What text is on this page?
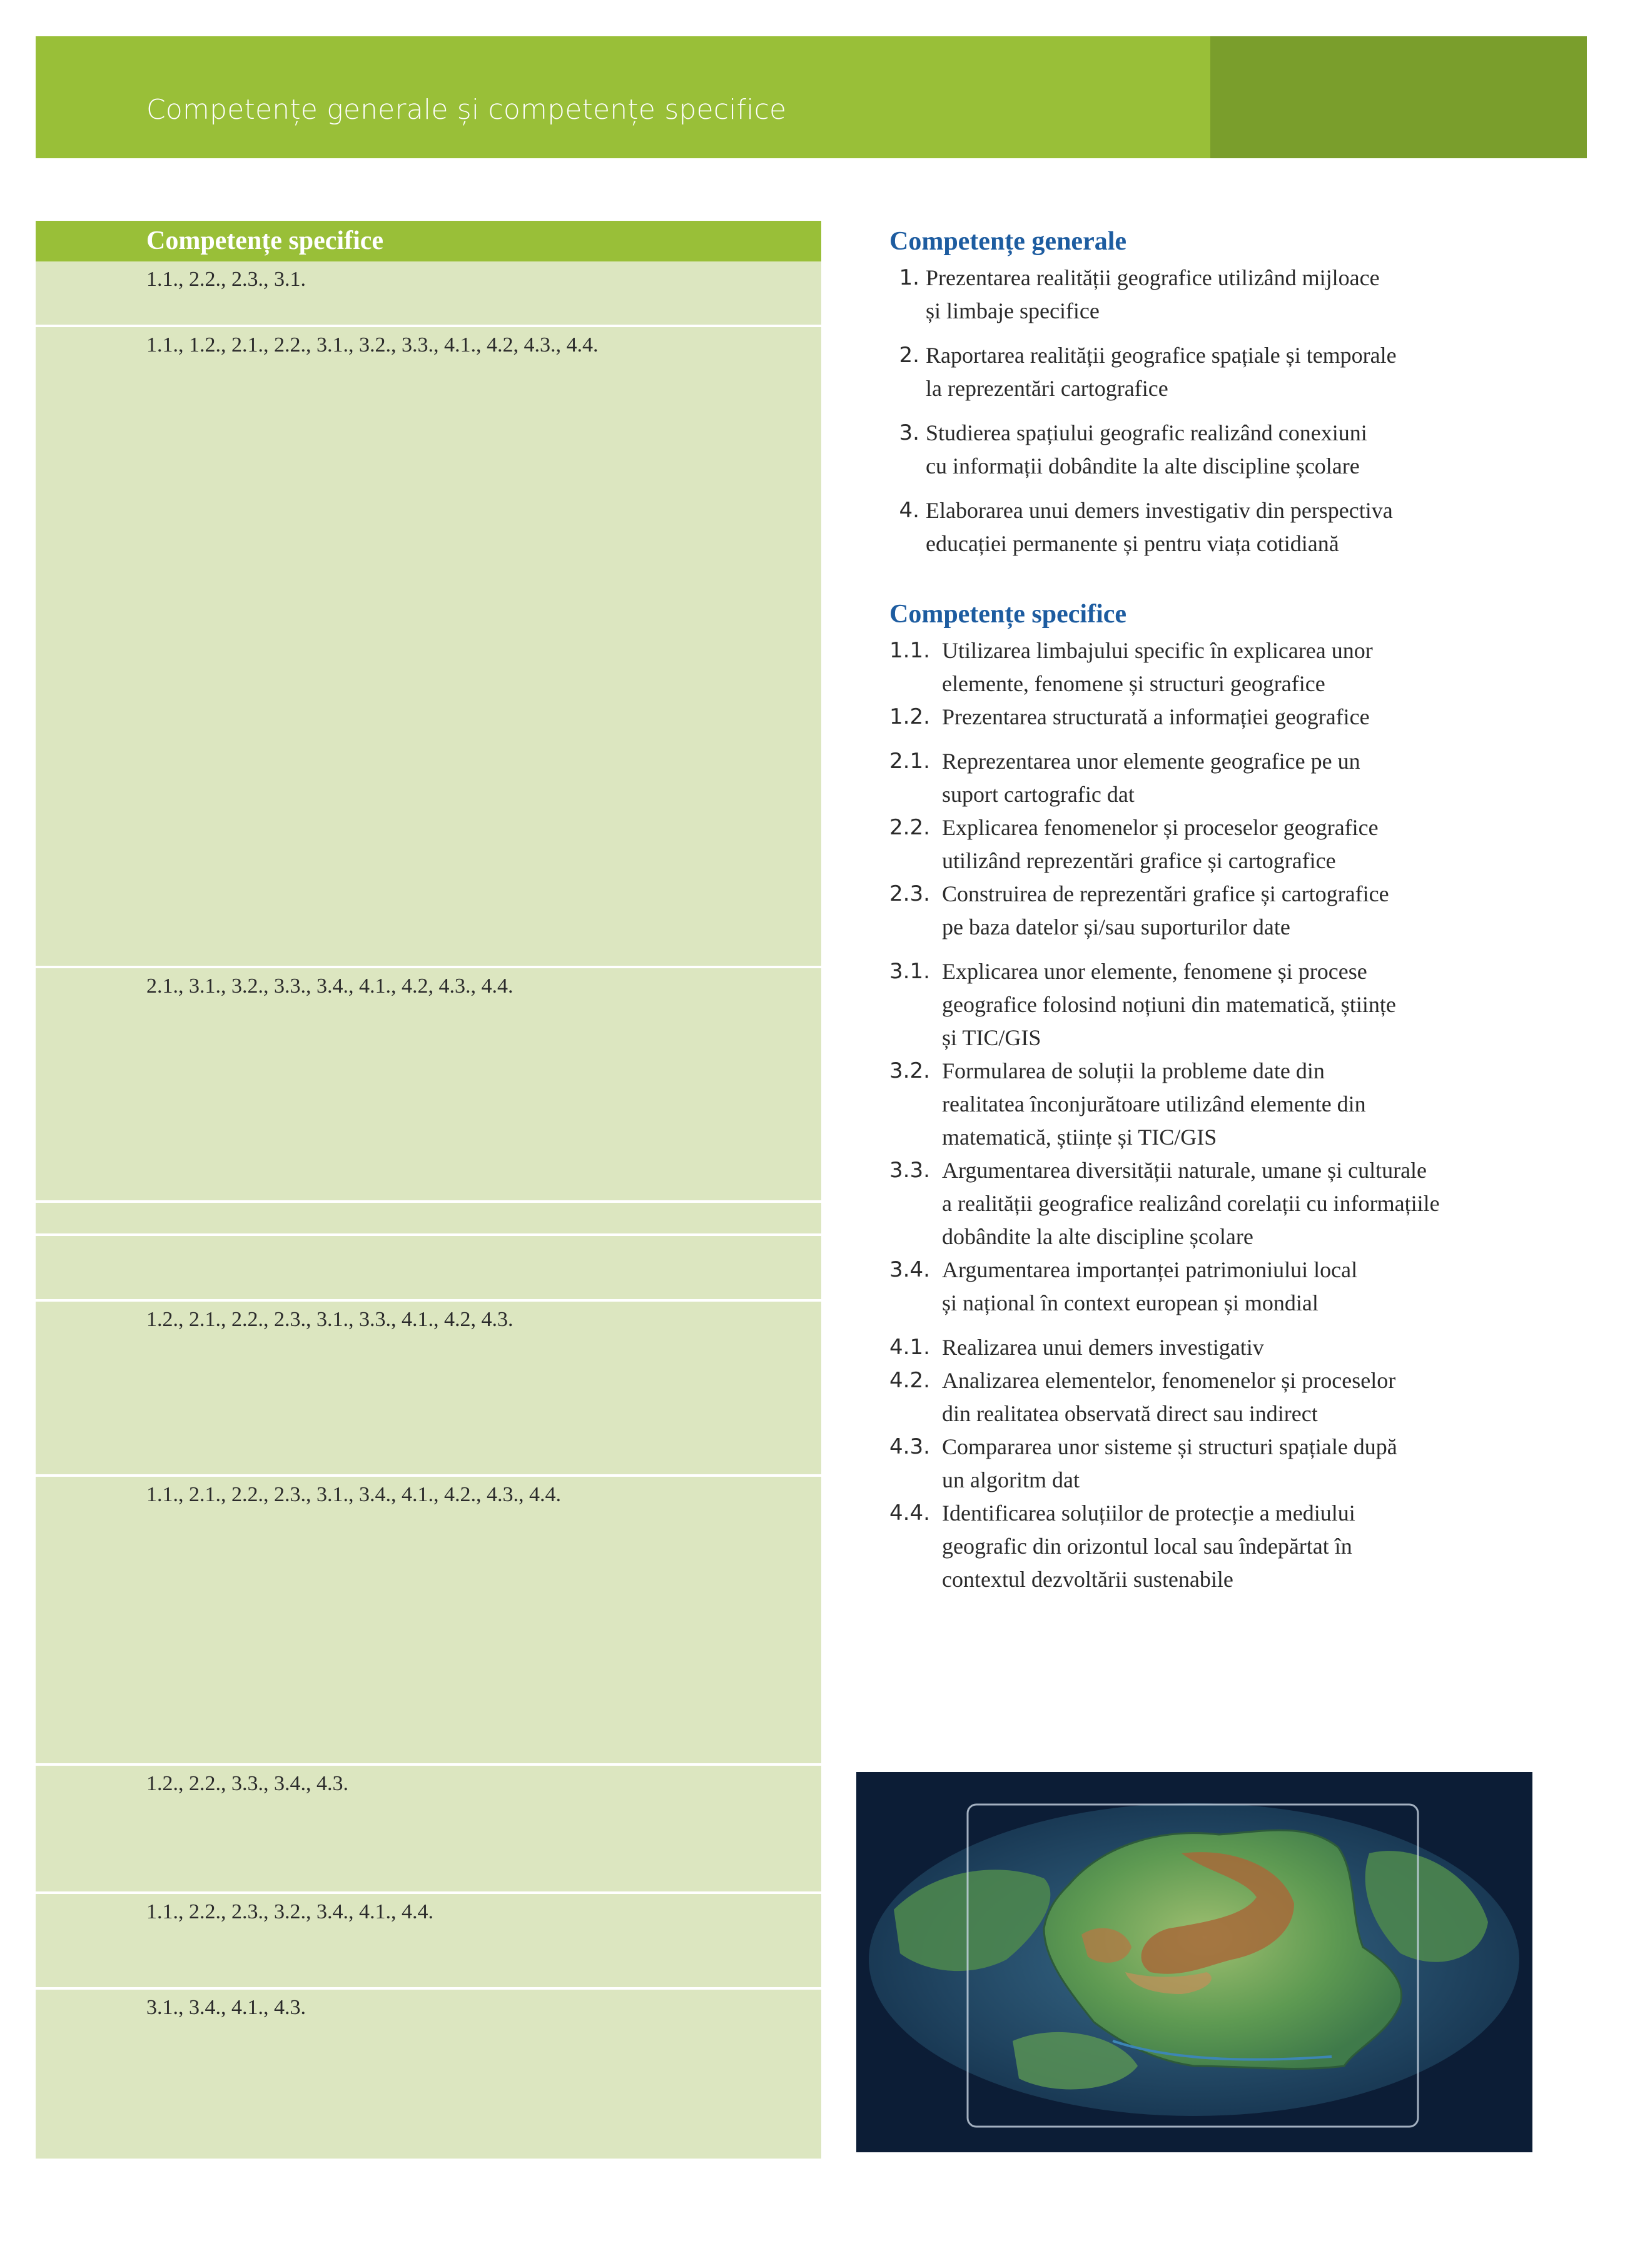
Competențe generale și competențe specifice
Competențe specifice
1.1., 2.2., 2.3., 3.1.
1.1., 1.2., 2.1., 2.2., 3.1., 3.2., 3.3., 4.1., 4.2, 4.3., 4.4.
2.1., 3.1., 3.2., 3.3., 3.4., 4.1., 4.2, 4.3., 4.4.
1.2., 2.1., 2.2., 2.3., 3.1., 3.3., 4.1., 4.2, 4.3.
1.1., 2.1., 2.2., 2.3., 3.1., 3.4., 4.1., 4.2., 4.3., 4.4.
1.2., 2.2., 3.3., 3.4., 4.3.
1.1., 2.2., 2.3., 3.2., 3.4., 4.1., 4.4.
3.1., 3.4., 4.1., 4.3.
Competențe generale
1. Prezentarea realității geografice utilizând mijloace
și limbaje specifice
2. Raportarea realității geografice spațiale și temporale
la reprezentări cartografice
3. Studierea spațiului geografic realizând conexiuni
cu informații dobândite la alte discipline școlare
4. Elaborarea unui demers investigativ din perspectiva
educației permanente și pentru viața cotidiană
Competențe specifice
1.1. Utilizarea limbajului specific în explicarea unor
elemente, fenomene și structuri geografice
1.2. Prezentarea structurată a informației geografice
2.1. Reprezentarea unor elemente geografice pe un
suport cartografic dat
2.2. Explicarea fenomenelor și proceselor geografice
utilizând reprezentări grafice și cartografice
2.3. Construirea de reprezentări grafice și cartografice
pe baza datelor și/sau suporturilor date
3.1. Explicarea unor elemente, fenomene și procese
geografice folosind noțiuni din matematică, științe
și TIC/GIS
3.2. Formularea de soluții la probleme date din
realitatea înconjurătoare utilizând elemente din
matematică, științe și TIC/GIS
3.3. Argumentarea diversității naturale, umane și culturale
a realității geografice realizând corelații cu informațiile
dobândite la alte discipline școlare
3.4. Argumentarea importanței patrimoniului local
și național în context european și mondial
4.1. Realizarea unui demers investigativ
4.2. Analizarea elementelor, fenomenelor și proceselor
din realitatea observată direct sau indirect
4.3. Compararea unor sisteme și structuri spațiale după
un algoritm dat
4.4. Identificarea soluțiilor de protecție a mediului
geografic din orizontul local sau îndepărtat în
contextul dezvoltării sustenabile
